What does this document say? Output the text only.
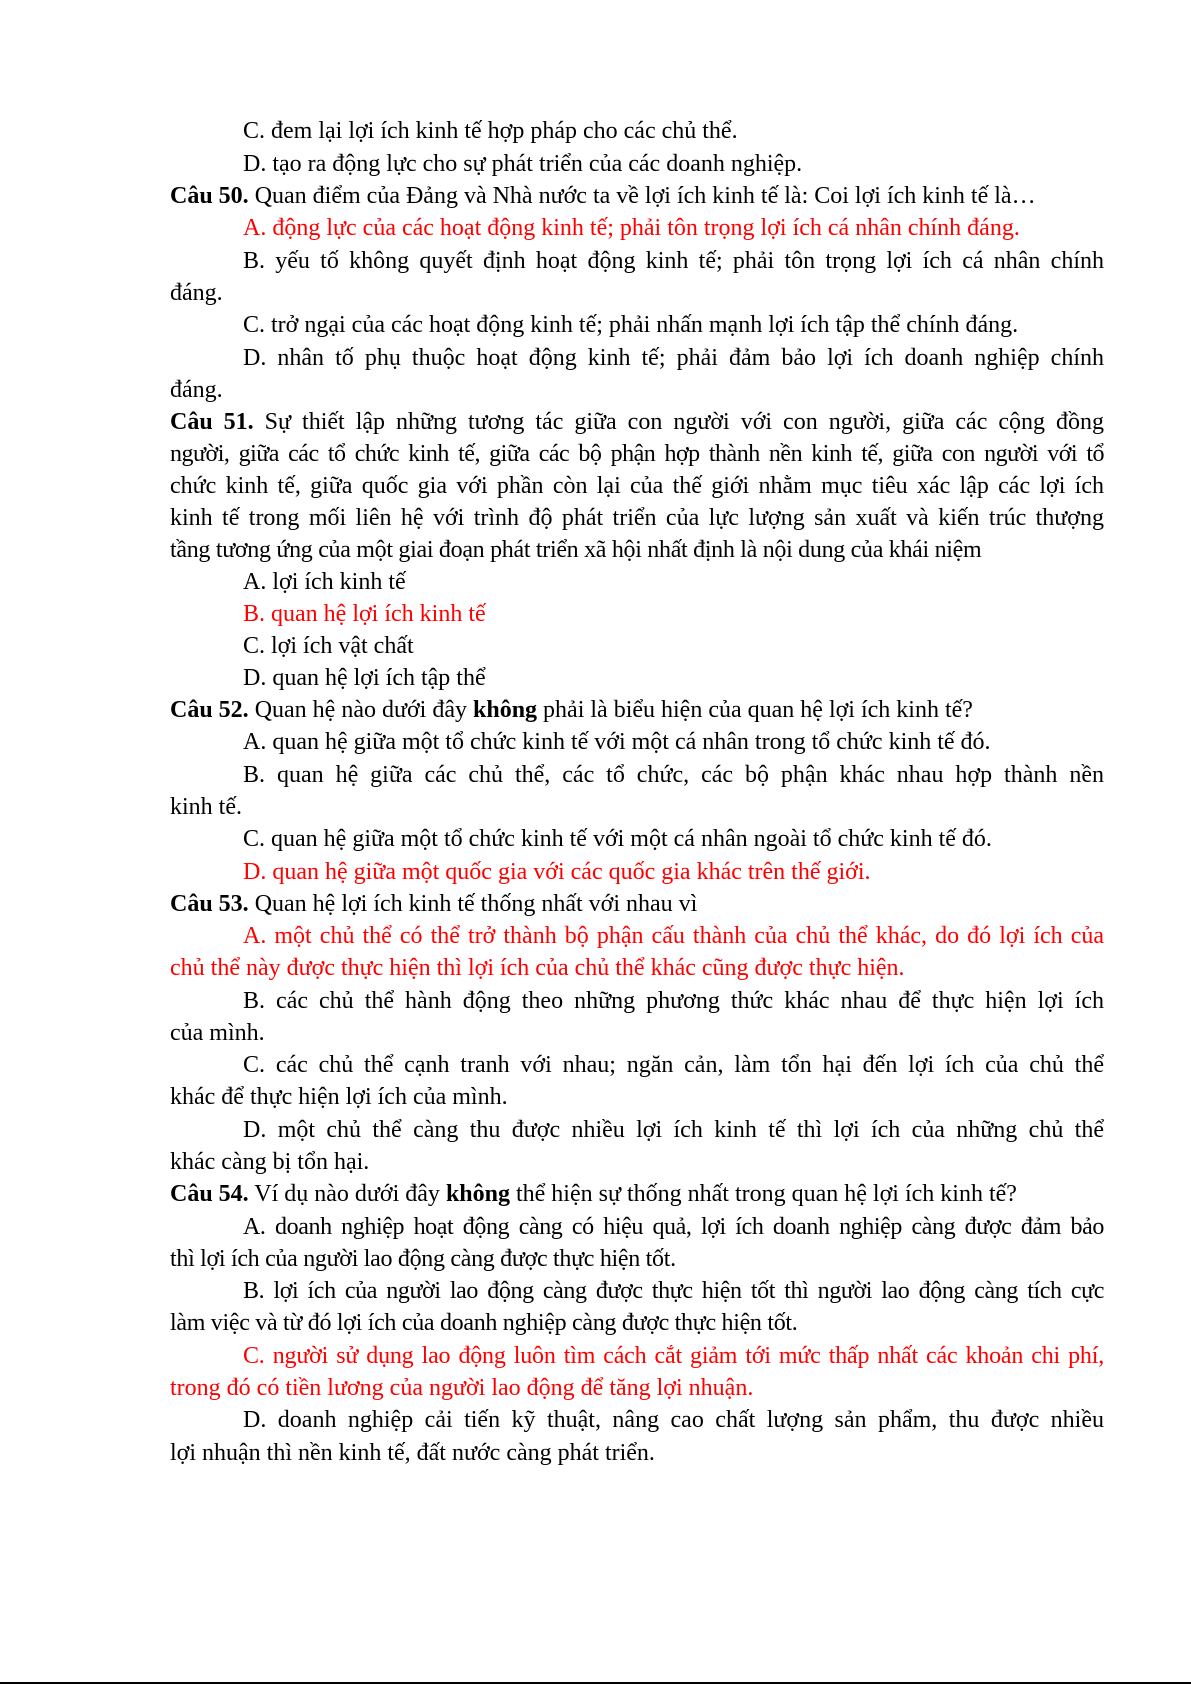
C. đem lại lợi ích kinh tế hợp pháp cho các chủ thể.
D. tạo ra động lực cho sự phát triển của các doanh nghiệp.
Câu 50. Quan điểm của Đảng và Nhà nước ta về lợi ích kinh tế là: Coi lợi ích kinh tế là…
A. động lực của các hoạt động kinh tế; phải tôn trọng lợi ích cá nhân chính đáng.
B. yếu tố không quyết định hoạt động kinh tế; phải tôn trọng lợi ích cá nhân chính
đáng.
C. trở ngại của các hoạt động kinh tế; phải nhấn mạnh lợi ích tập thể chính đáng.
D. nhân tố phụ thuộc hoạt động kinh tế; phải đảm bảo lợi ích doanh nghiệp chính
đáng.
Câu 51. Sự thiết lập những tương tác giữa con người với con người, giữa các cộng đồng
người, giữa các tổ chức kinh tế, giữa các bộ phận hợp thành nền kinh tế, giữa con người với tổ
chức kinh tế, giữa quốc gia với phần còn lại của thế giới nhằm mục tiêu xác lập các lợi ích
kinh tế trong mối liên hệ với trình độ phát triển của lực lượng sản xuất và kiến trúc thượng
tầng tương ứng của một giai đoạn phát triển xã hội nhất định là nội dung của khái niệm
A. lợi ích kinh tế
B. quan hệ lợi ích kinh tế
C. lợi ích vật chất
D. quan hệ lợi ích tập thể
Câu 52. Quan hệ nào dưới đây không phải là biểu hiện của quan hệ lợi ích kinh tế?
A. quan hệ giữa một tổ chức kinh tế với một cá nhân trong tổ chức kinh tế đó.
B. quan hệ giữa các chủ thể, các tổ chức, các bộ phận khác nhau hợp thành nền
kinh tế.
C. quan hệ giữa một tổ chức kinh tế với một cá nhân ngoài tổ chức kinh tế đó.
D. quan hệ giữa một quốc gia với các quốc gia khác trên thế giới.
Câu 53. Quan hệ lợi ích kinh tế thống nhất với nhau vì
A. một chủ thể có thể trở thành bộ phận cấu thành của chủ thể khác, do đó lợi ích của
chủ thể này được thực hiện thì lợi ích của chủ thể khác cũng được thực hiện.
B. các chủ thể hành động theo những phương thức khác nhau để thực hiện lợi ích
của mình.
C. các chủ thể cạnh tranh với nhau; ngăn cản, làm tổn hại đến lợi ích của chủ thể
khác để thực hiện lợi ích của mình.
D. một chủ thể càng thu được nhiều lợi ích kinh tế thì lợi ích của những chủ thể
khác càng bị tổn hại.
Câu 54. Ví dụ nào dưới đây không thể hiện sự thống nhất trong quan hệ lợi ích kinh tế?
A. doanh nghiệp hoạt động càng có hiệu quả, lợi ích doanh nghiệp càng được đảm bảo
thì lợi ích của người lao động càng được thực hiện tốt.
B. lợi ích của người lao động càng được thực hiện tốt thì người lao động càng tích cực
làm việc và từ đó lợi ích của doanh nghiệp càng được thực hiện tốt.
C. người sử dụng lao động luôn tìm cách cắt giảm tới mức thấp nhất các khoản chi phí,
trong đó có tiền lương của người lao động để tăng lợi nhuận.
D. doanh nghiệp cải tiến kỹ thuật, nâng cao chất lượng sản phẩm, thu được nhiều
lợi nhuận thì nền kinh tế, đất nước càng phát triển.
